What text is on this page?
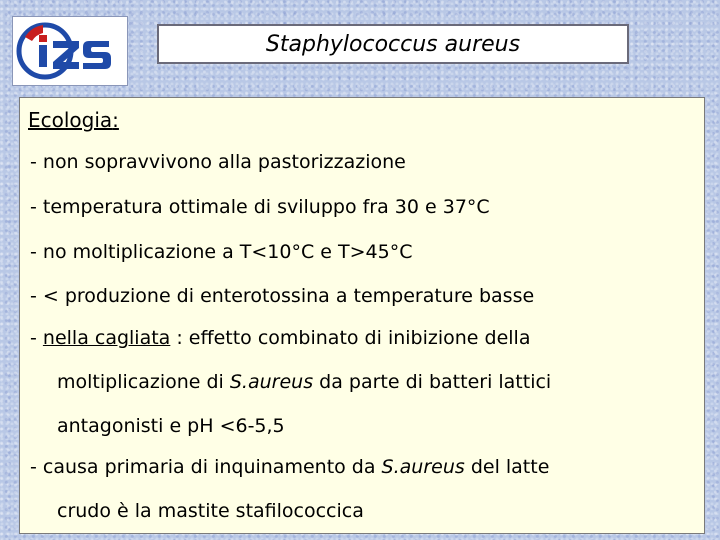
Staphylococcus aureus
Ecologia:
- non sopravvivono alla pastorizzazione
- temperatura ottimale di sviluppo fra 30 e 37°C
- no moltiplicazione a T<10°C e T>45°C
- < produzione di enterotossina a temperature basse
- nella cagliata : effetto combinato di inibizione della
moltiplicazione di S.aureus da parte di batteri lattici
antagonisti e pH <6-5,5
- causa primaria di inquinamento da S.aureus del latte
crudo è la mastite stafilococcica
